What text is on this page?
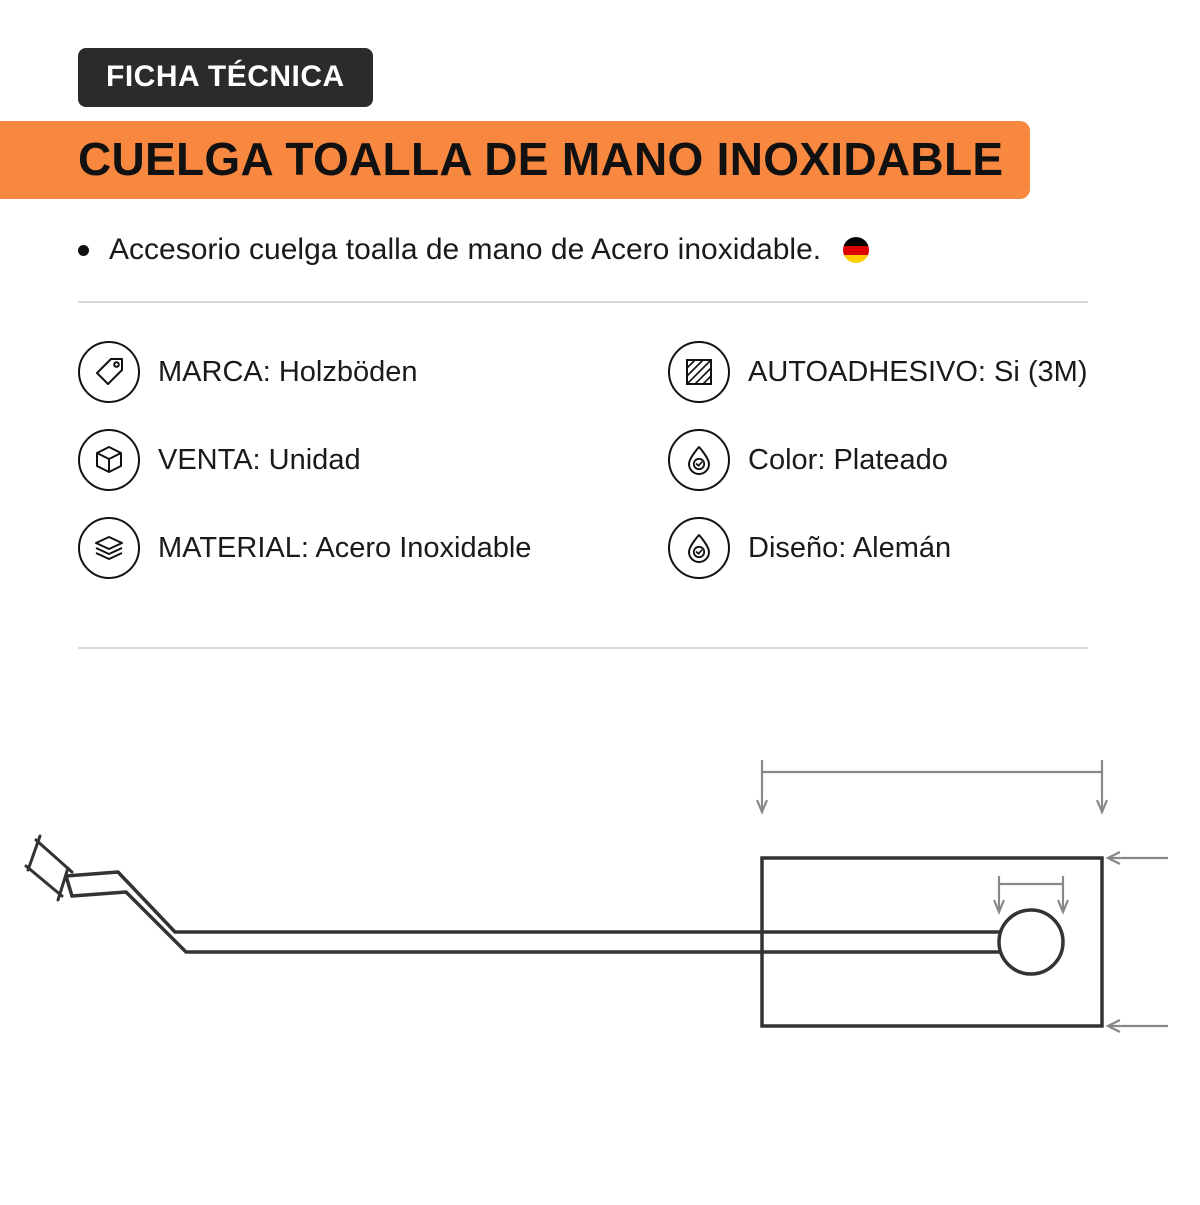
FICHA TÉCNICA
CUELGA TOALLA DE MANO INOXIDABLE
Accesorio cuelga toalla de mano de Acero inoxidable.
MARCA: Holzböden	AUTOADHESIVO: Si (3M)
VENTA: Unidad	Color: Plateado
MATERIAL: Acero Inoxidable	Diseño: Alemán
